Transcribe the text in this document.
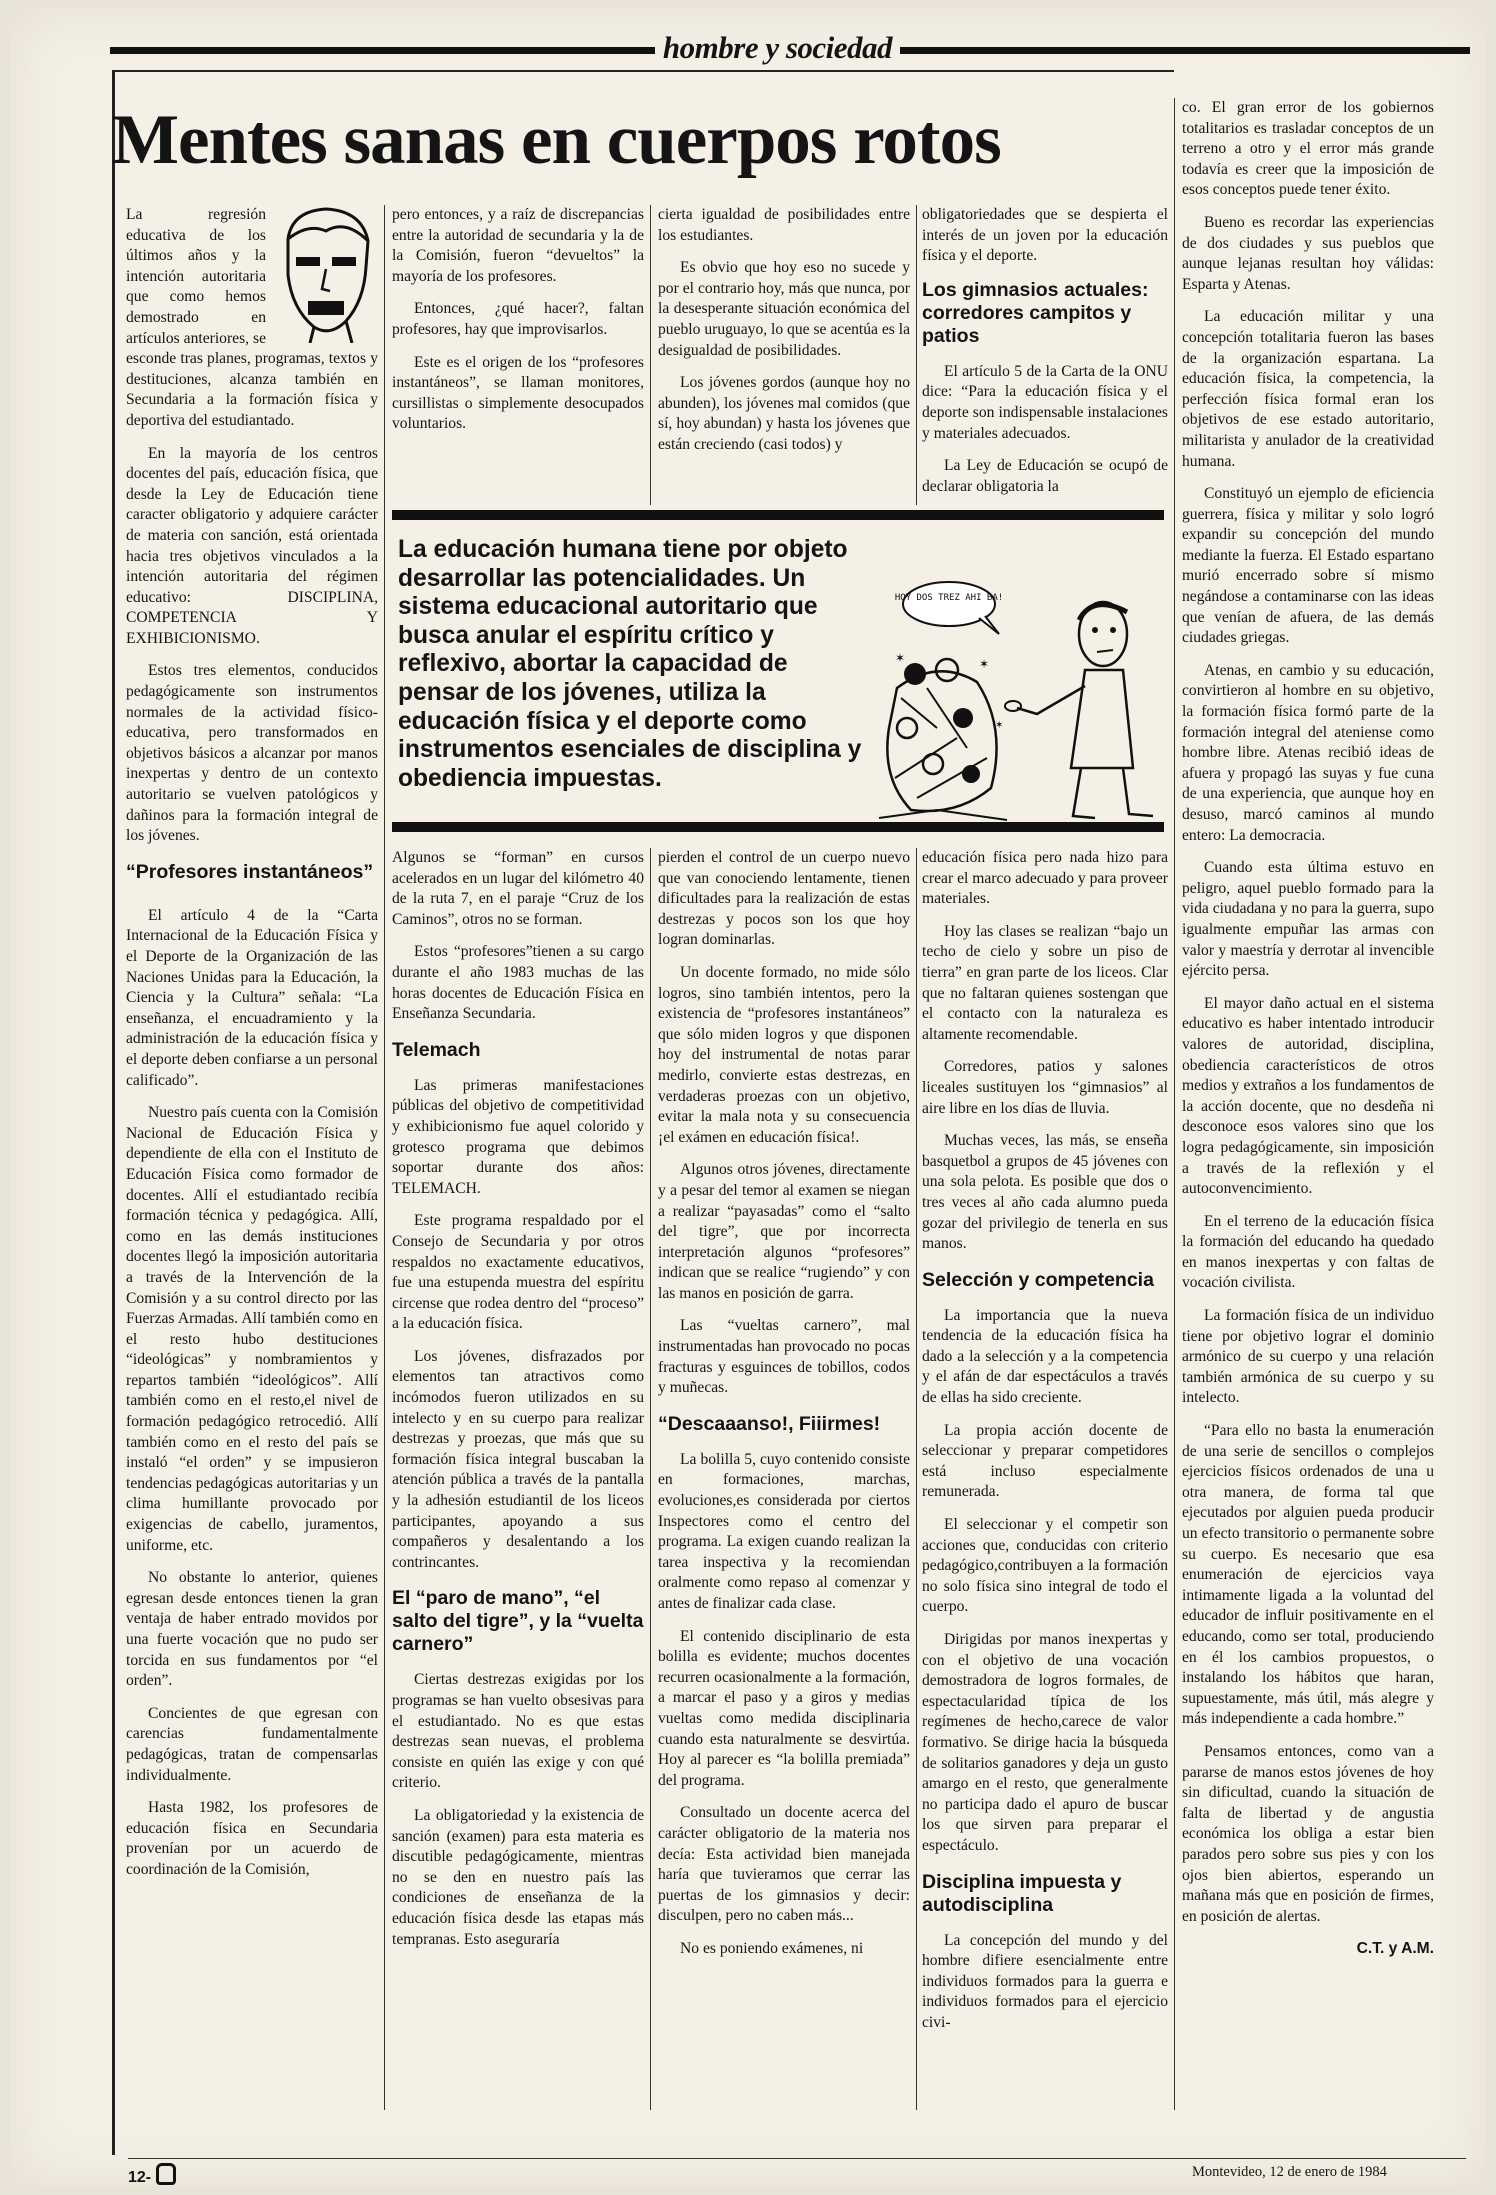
hombre y sociedad
Mentes sanas en cuerpos rotos

La regresión educativa de los últimos años y la intención autoritaria que como hemos demostrado en artículos anteriores, se esconde tras planes, programas, textos y destituciones, alcanza también en Secundaria a la formación física y deportiva del estudiantado.

En la mayoría de los centros docentes del país, educación física, que desde la Ley de Educación tiene caracter obligatorio y adquiere carácter de materia con sanción, está orientada hacia tres objetivos vinculados a la intención autoritaria del régimen educativo: DISCIPLINA, COMPETENCIA Y EXHIBICIONISMO.

Estos tres elementos, conducidos pedagógicamente son instrumentos normales de la actividad físico-educativa, pero transformados en objetivos básicos a alcanzar por manos inexpertas y dentro de un contexto autoritario se vuelven patológicos y dañinos para la formación integral de los jóvenes.

“Profesores instantáneos”

El artículo 4 de la “Carta Internacional de la Educación Física y el Deporte de la Organización de las Naciones Unidas para la Educación, la Ciencia y la Cultura” señala: “La enseñanza, el encuadramiento y la administración de la educación física y el deporte deben confiarse a un personal calificado”.

Nuestro país cuenta con la Comisión Nacional de Educación Física y dependiente de ella con el Instituto de Educación Física como formador de docentes. Allí el estudiantado recibía formación técnica y pedagógica. Allí, como en las demás instituciones docentes llegó la imposición autoritaria a través de la Intervención de la Comisión y a su control directo por las Fuerzas Armadas. Allí también como en el resto hubo destituciones “ideológicas” y nombramientos y repartos también “ideológicos”. Allí también como en el resto,el nivel de formación pedagógico retrocedió. Allí también como en el resto del país se instaló “el orden” y se impusieron tendencias pedagógicas autoritarias y un clima humillante provocado por exigencias de cabello, juramentos, uniforme, etc.

No obstante lo anterior, quienes egresan desde entonces tienen la gran ventaja de haber entrado movidos por una fuerte vocación que no pudo ser torcida en sus fundamentos por “el orden”.

Concientes de que egresan con carencias fundamentalmente pedagógicas, tratan de compensarlas individualmente.

Hasta 1982, los profesores de educación física en Secundaria provenían por un acuerdo de coordinación de la Comisión,

pero entonces, y a raíz de discrepancias entre la autoridad de secundaria y la de la Comisión, fueron “devueltos” la mayoría de los profesores.

Entonces, ¿qué hacer?, faltan profesores, hay que improvisarlos.

Este es el origen de los “profesores instantáneos”, se llaman monitores, cursillistas o simplemente desocupados voluntarios.

cierta igualdad de posibilidades entre los estudiantes.

Es obvio que hoy eso no sucede y por el contrario hoy, más que nunca, por la desesperante situación económica del pueblo uruguayo, lo que se acentúa es la desigualdad de posibilidades.

Los jóvenes gordos (aunque hoy no abunden), los jóvenes mal comidos (que sí, hoy abundan) y hasta los jóvenes que están creciendo (casi todos) y

obligatoriedades que se despierta el interés de un joven por la educación física y el deporte.

Los gimnasios actuales: corredores campitos y patios

El artículo 5 de la Carta de la ONU dice: “Para la educación física y el deporte son indispensable instalaciones y materiales adecuados.

La Ley de Educación se ocupó de declarar obligatoria la

La educación humana tiene por objeto desarrollar las potencialidades. Un sistema educacional autoritario que busca anular el espíritu crítico y reflexivo, abortar la capacidad de pensar de los jóvenes, utiliza la educación física y el deporte como instrumentos esenciales de disciplina y obediencia impuestas.

HOY DOS TREZ AHI BA!
✶	✶
✶

Algunos se “forman” en cursos acelerados en un lugar del kilómetro 40 de la ruta 7, en el paraje “Cruz de los Caminos”, otros no se forman.

Estos “profesores”tienen a su cargo durante el año 1983 muchas de las horas docentes de Educación Física en Enseñanza Secundaria.

Telemach

Las primeras manifestaciones públicas del objetivo de competitividad y exhibicionismo fue aquel colorido y grotesco programa que debimos soportar durante dos años: TELEMACH.

Este programa respaldado por el Consejo de Secundaria y por otros respaldos no exactamente educativos, fue una estupenda muestra del espíritu circense que rodea dentro del “proceso” a la educación física.

Los jóvenes, disfrazados por elementos tan atractivos como incómodos fueron utilizados en su intelecto y en su cuerpo para realizar destrezas y proezas, que más que su formación física integral buscaban la atención pública a través de la pantalla y la adhesión estudiantil de los liceos participantes, apoyando a sus compañeros y desalentando a los contrincantes.

El “paro de mano”, “el salto del tigre”, y la “vuelta carnero”

Ciertas destrezas exigidas por los programas se han vuelto obsesivas para el estudiantado. No es que estas destrezas sean nuevas, el problema consiste en quién las exige y con qué criterio.

La obligatoriedad y la existencia de sanción (examen) para esta materia es discutible pedagógicamente, mientras no se den en nuestro país las condiciones de enseñanza de la educación física desde las etapas más tempranas. Esto aseguraría

pierden el control de un cuerpo nuevo que van conociendo lentamente, tienen dificultades para la realización de estas destrezas y pocos son los que hoy logran dominarlas.

Un docente formado, no mide sólo logros, sino también intentos, pero la existencia de “profesores instantáneos” que sólo miden logros y que disponen hoy del instrumental de notas parar medirlo, convierte estas destrezas, en verdaderas proezas con un objetivo, evitar la mala nota y su consecuencia ¡el exámen en educación física!.

Algunos otros jóvenes, directamente y a pesar del temor al examen se niegan a realizar “payasadas” como el “salto del tigre”, que por incorrecta interpretación algunos “profesores” indican que se realice “rugiendo” y con las manos en posición de garra.

Las “vueltas carnero”, mal instrumentadas han provocado no pocas fracturas y esguinces de tobillos, codos y muñecas.

“Descaaanso!, Fiiirmes!

La bolilla 5, cuyo contenido consiste en formaciones, marchas, evoluciones,es considerada por ciertos Inspectores como el centro del programa. La exigen cuando realizan la tarea inspectiva y la recomiendan oralmente como repaso al comenzar y antes de finalizar cada clase.

El contenido disciplinario de esta bolilla es evidente; muchos docentes recurren ocasionalmente a la formación, a marcar el paso y a giros y medias vueltas como medida disciplinaria cuando esta naturalmente se desvirtúa. Hoy al parecer es “la bolilla premiada” del programa.

Consultado un docente acerca del carácter obligatorio de la materia nos decía: Esta actividad bien manejada haría que tuvieramos que cerrar las puertas de los gimnasios y decir: disculpen, pero no caben más...

No es poniendo exámenes, ni

educación física pero nada hizo para crear el marco adecuado y para proveer materiales.

Hoy las clases se realizan “bajo un techo de cielo y sobre un piso de tierra” en gran parte de los liceos. Clar que no faltaran quienes sostengan que el contacto con la naturaleza es altamente recomendable.

Corredores, patios y salones liceales sustituyen los “gimnasios” al aire libre en los días de lluvia.

Muchas veces, las más, se enseña basquetbol a grupos de 45 jóvenes con una sola pelota. Es posible que dos o tres veces al año cada alumno pueda gozar del privilegio de tenerla en sus manos.

Selección y competencia

La importancia que la nueva tendencia de la educación física ha dado a la selección y a la competencia y el afán de dar espectáculos a través de ellas ha sido creciente.

La propia acción docente de seleccionar y preparar competidores está incluso especialmente remunerada.

El seleccionar y el competir son acciones que, conducidas con criterio pedagógico,contribuyen a la formación no solo física sino integral de todo el cuerpo.

Dirigidas por manos inexpertas y con el objetivo de una vocación demostradora de logros formales, de espectacularidad típica de los regímenes de hecho,carece de valor formativo. Se dirige hacia la búsqueda de solitarios ganadores y deja un gusto amargo en el resto, que generalmente no participa dado el apuro de buscar los que sirven para preparar el espectáculo.

Disciplina impuesta y autodisciplina

La concepción del mundo y del hombre difiere esencialmente entre individuos formados para la guerra e individuos formados para el ejercicio civi-

co. El gran error de los gobiernos totalitarios es trasladar conceptos de un terreno a otro y el error más grande todavía es creer que la imposición de esos conceptos puede tener éxito.

Bueno es recordar las experiencias de dos ciudades y sus pueblos que aunque lejanas resultan hoy válidas: Esparta y Atenas.

La educación militar y una concepción totalitaria fueron las bases de la organización espartana. La educación física, la competencia, la perfección física formal eran los objetivos de ese estado autoritario, militarista y anulador de la creatividad humana.

Constituyó un ejemplo de eficiencia guerrera, física y militar y solo logró expandir su concepción del mundo mediante la fuerza. El Estado espartano murió encerrado sobre sí mismo negándose a contaminarse con las ideas que venían de afuera, de las demás ciudades griegas.

Atenas, en cambio y su educación, convirtieron al hombre en su objetivo, la formación física formó parte de la formación integral del ateniense como hombre libre. Atenas recibió ideas de afuera y propagó las suyas y fue cuna de una experiencia, que aunque hoy en desuso, marcó caminos al mundo entero: La democracia.

Cuando esta última estuvo en peligro, aquel pueblo formado para la vida ciudadana y no para la guerra, supo igualmente empuñar las armas con valor y maestría y derrotar al invencible ejército persa.

El mayor daño actual en el sistema educativo es haber intentado introducir valores de autoridad, disciplina, obediencia característicos de otros medios y extraños a los fundamentos de la acción docente, que no desdeña ni desconoce esos valores sino que los logra pedagógicamente, sin imposición a través de la reflexión y el autoconvencimiento.

En el terreno de la educación física la formación del educando ha quedado en manos inexpertas y con faltas de vocación civilista.

La formación física de un individuo tiene por objetivo lograr el dominio armónico de su cuerpo y una relación también armónica de su cuerpo y su intelecto.

“Para ello no basta la enumeración de una serie de sencillos o complejos ejercicios físicos ordenados de una u otra manera, de forma tal que ejecutados por alguien pueda producir un efecto transitorio o permanente sobre su cuerpo. Es necesario que esa enumeración de ejercicios vaya intimamente ligada a la voluntad del educador de influir positivamente en el educando, como ser total, produciendo en él los cambios propuestos, o instalando los hábitos que haran, supuestamente, más útil, más alegre y más independiente a cada hombre.”

Pensamos entonces, como van a pararse de manos estos jóvenes de hoy sin dificultad, cuando la situación de falta de libertad y de angustia económica los obliga a estar bien parados pero sobre sus pies y con los ojos bien abiertos, esperando un mañana más que en posición de firmes, en posición de alertas.

C.T. y A.M.

12-	Montevideo, 12 de enero de 1984
